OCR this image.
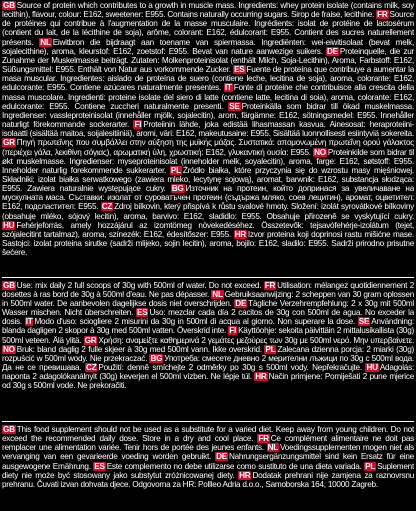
GB Source of protein which contributes to a growth in muscle mass. Ingredients: whey protein isolate (contains milk, soy lecithin), flavour, colour: E162, sweetener: E955. Contains naturally occurring sugars. Sirop de fraise, lecithine. FR Source de protéines qui contribue à l'augmentation de la masse musculaire. Ingrédients: isolat de protéine de lactosérum (contient du lait, de la lécithine de soja), arôme, colorant: E162, édulcorant: E955. Contient des sucres naturellement présents. NL Eiwitbron die bijdraagt aan toename van spiermassa. Ingrediënten: wei-eiwitisolaat (bevat melk, sojalecithine), aroma, kleurstof: E162, zoetstof: E955. Bevat van nature aanwezige suikers. DE Proteinquelle, die zur Zunahme der Muskelmasse beiträgt. Zutaten: Molkenproteinisolat (enthält Milch, Soja-Lecithin), Aroma, Farbstoff: E162, Süßungsmittel: E955. Enthält von Natur aus vorkommende Zucker. ES Fuente de proteína que contribuye a aumentar la masa muscular. Ingredientes: aislado de proteína de suero (contiene leche, lecitina de soja), aroma, colorante: E162, edulcorante: E955. Contiene azúcares naturalmente presentes. IT Fonte di proteine che contribuisce alla crescita della massa muscolare. Ingredienti: proteine isolate del siero di latte (contiene latte, lecitina di soia), aroma, colorante: E162, edulcorante: E955. Contiene zuccheri naturalmente presenti. SE Proteinkälla som bidrar till ökad muskelmassa. Ingredienser: vassleproteinisolat (innehåller mjölk, sojalecitin), arom, färgämne: E162, sötningsmedel: E955. Innehåller naturligt förekommande sockerarter. FI Proteiinin lähde, joka edistää lihasmassan kasvua. Ainesosat: heraproteiini-isolaatti (sisältää maitoa, soijalesitiiniä), aromi, väri: E162, makeutusaine: E955. Sisältää luonnollisesti esiintyviä sokereita. GR Πηγή πρωτεΐνης που συμβάλλει στην αύξηση της μυϊκής μάζας. Συστατικά: απομονωμένη πρωτεΐνη ορού γάλακτος (περιέχει γάλα, λεκιθίνη σόγιας), αρωματική ύλη, χρωστική: E162, γλυκαντική ουσία: E955. NO Proteinkilde som bidrar til økt muskelmasse. Ingredienser: myseproteinisolat (inneholder melk, soyalecitin), aroma, farge: E162, søtstoff: E955. Inneholder naturlig forekommende sukkerarter. PL Źródło białka, które przyczynia się do wzrostu masy mięśniowej. Składniki: izolat białka serwatkowego (zawiera mleko, lecytynę sojową), aromat, barwnik: E162, substancja słodząca: E955. Zawiera naturalnie występujące cukry. BG Източник на протеин, който допринася за увеличаване на мускулната маса. Съставки: изолат от суроватъчен протеин (съдържа мляко, соев лецитин), аромат, оцветител: E162, подсластител: E955. CZ Zdroj bílkovin, který přispívá k růstu svalové hmoty. Složení: izolát syrovátkové bílkoviny (obsahuje mléko, sójový lecitin), aroma, barvivo: E162, sladidlo: E955. Obsahuje přirozeně se vyskytující cukry. HU Fehérjeforrás, amely hozzájárul az izomtömeg növekedéséhez. Összetevők: tejsavófehérje-izolátum (tejet, szójalecitint tartalmaz), aroma, színezék: E162, édesítőszer: E955. HR Izvor proteina koji doprinosi rastu mišićne mase. Sastojci: izolat proteina sirutke (sadrži mlijeko, sojin lecitin), aroma, bojilo: E162, sladilo: E955. Sadrži prirodno prisutne šećere.
GB Use: mix daily 2 full scoops of 30g with 500ml of water. Do not exceed. FR Utilisation: mélangez quotidiennement 2 dosettes à ras bord de 30g à 500ml d'eau. Ne pas dépasser. NL Gebruiksaanwijzing: 2 scheppen van 30 gram oplossen in 500ml water. De aanbevolen dagelijkse dosis niet overschrijden. DE Tägliche Verzehrempfehlung: 2 x 30g mit 500ml Wasser mischen. Nicht überschreiten. ES Uso: mezclar cada día 2 cacitos de 30g con 500ml de agua. No exceder la dosis. IT Modo d'uso: sciogliere 2 misurini da 30g in 500ml di acqua al giorno. Non superare la dose. SE Användning: blanda dagligen 2 skopor à 30g med 500ml vatten. Överskrid inte. FI Käyttöohje: sekoita päivittäin 2 mittalusikallista (30g) 500ml veteen. Älä ylitä. GR Χρήση: αναμείξτε καθημερινά 2 γεμάτες μεζούρες των 30g με 500ml νερό. Μην υπερβαίνετε. NO Bruk: bland daglig 2 fulle skjeer à 30g med 500ml vann. Ikke overskrid. PL Zalecana dzienna porcja: 2 miarki (30g) rozpuścić w 500ml wody. Nie przekraczać. BG Употреба: смесете дневно 2 мерителни лъжици по 30g с 500ml вода. Да не се превишава. CZ Použití: denně smíchejte 2 odměrky po 30g s 500ml vody. Nepřekračujte. HU Adagolás: naponta 2 adagolókanálnyit (30g) keverjen el 500ml vízben. Ne lépje túl. HR Način primjene: Pomiješati 2 pune mjerice od 30g s 500ml vode. Ne prekoračiti.
GB This food supplement should not be used as a substitute for a varied diet. Keep away from young children. Do not exceed the recommended daily dose. Store in a dry and cool place. FR Ce complément alimentaire ne doit pas remplacer une alimentation variée. Tenir hors de portée des jeunes enfants. NL Voedingssupplementen mogen niet als vervanging van een gevarieerde voeding worden gebruikt. DE Nahrungsergänzungsmittel sind kein Ersatz für eine ausgewogene Ernährung. ES Este complemento no debe utilizarse como sustituto de una dieta variada. PL Suplement diety nie może być stosowany jako substytut zróżnicowanej diety. HR Dodatak prehrani nije zamjena za raznovrsnu prehranu. Čuvati izvan dohvata djece. Odgovorna za HR: Pollleo Adria d.o.o., Samoborska 164, 10000 Zagreb.
